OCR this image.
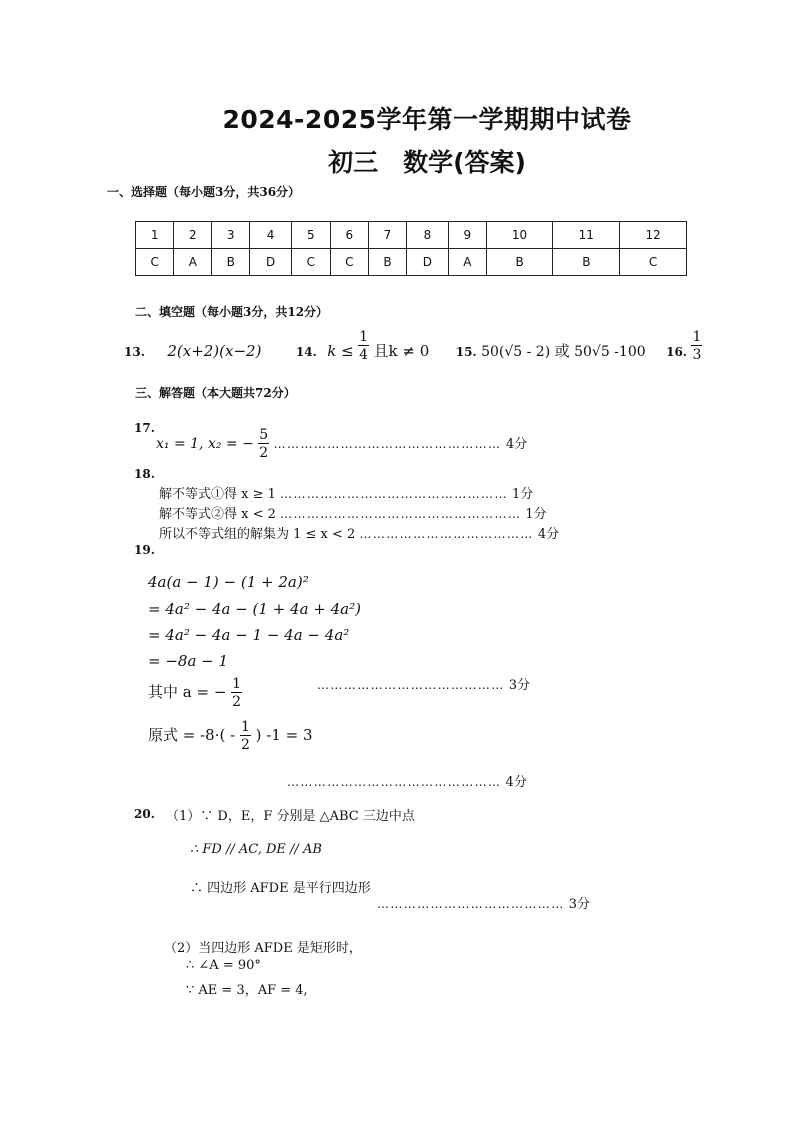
2024-2025学年第一学期期中试卷
初三　数学(答案)
一、选择题（每小题3分，共36分）
1	2	3	4	5	6	7	8	9	10	11	12
C	A	B	D	C	C	B	D	A	B	B	C
二、填空题（每小题3分，共12分）
13. 2(x+2)(x−2)	14. $k \le \frac{1}{4}$ 且k ≠ 0 15. 50(√5 - 2) 或 50√5 -100 16. $\frac{1}{3}$
三、解答题（本大题共72分）
17.
x₁ = 1, x₂ = − $\frac{5}{2}$ …………………………………………… 4分
18.
解不等式①得 x ≥ 1 …………………………………………… 1分
解不等式②得 x < 2 ……………………………………………… 1分
所以不等式组的解集为 1 ≤ x < 2 ………………………………… 4分
19.
4a(a − 1) − (1 + 2a)²
= 4a² − 4a − (1 + 4a + 4a²)
= 4a² − 4a − 1 − 4a − 4a²
= −8a − 1
其中 a = − $\frac{1}{2}$	…………………………………… 3分
原式 = $-8\cdot( - \frac{1}{2}$ ) -1 = 3
………………………………………… 4分
20. （1）∵ D，E，F 分别是 △ABC 三边中点
∴ FD // AC, DE // AB
∴ 四边形 AFDE 是平行四边形
…………………………………… 3分
（2）当四边形 AFDE 是矩形时，
∴ ∠A = 90°
∵ AE = 3，AF = 4,
